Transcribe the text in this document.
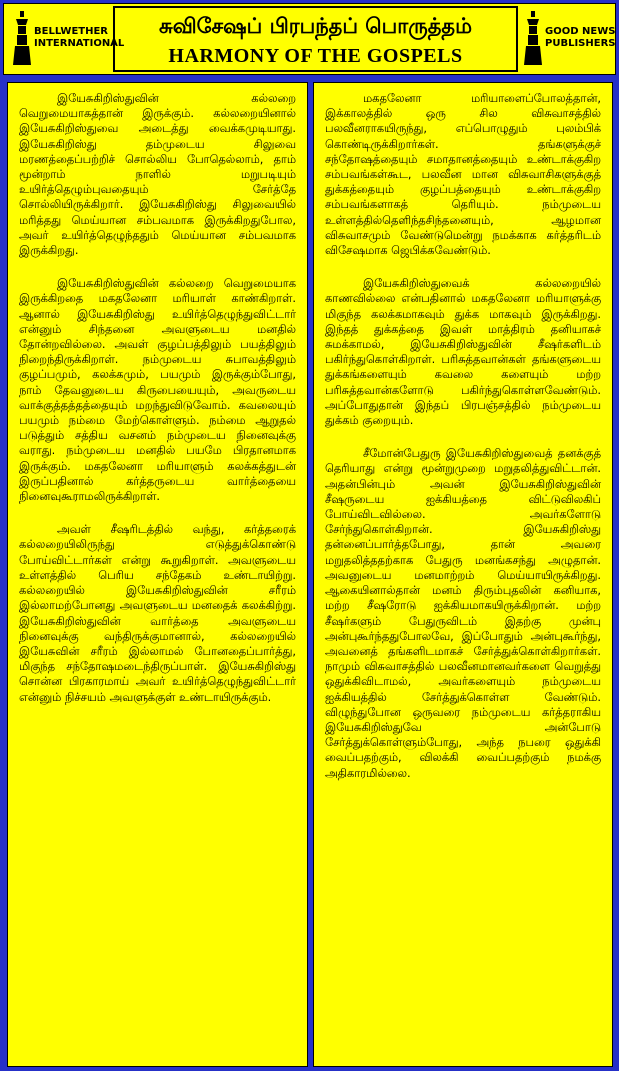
BELLWETHER INTERNATIONAL
சுவிசேஷப் பிரபந்தப் பொருத்தம்
HARMONY OF THE GOSPELS
GOOD NEWS PUBLISHERS

இயேசுகிறிஸ்துவின் கல்லறை வெறுமையாகத்தான் இருக்கும். கல்லறையினால் இயேசுகிறிஸ்துவை அடைத்து வைக்கமுடியாது. இயேசுகிறிஸ்து தம்முடைய சிலுவை மரணத்தைப்பற்றிச் சொல்லிய போதெல்லாம், தாம் மூன்றாம் நாளில் மறுபடியும் உயிர்த்தெழும்புவதையும் சேர்த்தே சொல்லியிருக்கிறார். இயேசுகிறிஸ்து சிலுவையில் மரித்தது மெய்யான சம்பவமாக இருக்கிறதுபோல, அவர் உயிர்த்தெழுந்ததும் மெய்யான சம்பவமாக இருக்கிறது.

இயேசுகிறிஸ்துவின் கல்லறை வெறுமையாக இருக்கிறதை மகதலேனா மரியாள் காண்கிறாள். ஆனால் இயேசுகிறிஸ்து உயிர்த்தெழுந்துவிட்டார் என்னும் சிந்தனை அவளுடைய மனதில் தோன்றவில்லை. அவள் குழப்பத்திலும் பயத்திலும் நிறைந்திருக்கிறாள். நம்முடைய சுபாவத்திலும் குழப்பமும், கலக்கமும், பயமும் இருக்கும்போது, நாம் தேவனுடைய கிருபையையும், அவருடைய வாக்குத்தத்தத்தையும் மறந்துவிடுவோம். கவலையும் பயமும் நம்மை மேற்கொள்ளும். நம்மை ஆறுதல் படுத்தும் சத்திய வசனம் நம்முடைய நினைவுக்கு வராது. நம்முடைய மனதில் பயமே பிரதானமாக இருக்கும். மகதலேனா மரியாளும் கலக்கத்துடன் இருப்பதினால் கர்த்தருடைய வார்த்தையை நினைவுகூராமலிருக்கிறாள்.

அவள் சீஷரிடத்தில் வந்து, கர்த்தரைக் கல்லறையிலிருந்து எடுத்துக்கொண்டு போய்விட்டார்கள் என்று கூறுகிறாள். அவளுடைய உள்ளத்தில் பெரிய சந்தேகம் உண்டாயிற்று. கல்லறையில் இயேசுகிறிஸ்துவின் சரீரம் இல்லாமற்போனது அவளுடைய மனதைக் கலக்கிற்று. இயேசுகிறிஸ்துவின் வார்த்தை அவளுடைய நினைவுக்கு வந்திருக்குமானால், கல்லறையில் இயேசுவின் சரீரம் இல்லாமல் போனதைப்பார்த்து, மிகுந்த சந்தோஷமடைந்திருப்பாள். இயேசுகிறிஸ்து சொன்ன பிரகாரமாய் அவர் உயிர்த்தெழுந்துவிட்டார் என்னும் நிச்சயம் அவளுக்குள் உண்டாயிருக்கும்.

மகதலேனா மரியாளைப்போலத்தான், இக்காலத்தில் ஒரு சில விசுவாசத்தில் பலவீனராகயிருந்து, எப்பொழுதும் புலம்பிக் கொண்டிருக்கிறார்கள். தங்களுக்குச் சந்தோஷத்தையும் சமாதானத்தையும் உண்டாக்குகிற சம்பவங்கள்கூட, பலவீன மான விசுவாசிகளுக்குத் துக்கத்தையும் குழப்பத்தையும் உண்டாக்குகிற சம்பவங்களாகத் தெரியும். நம்முடைய உள்ளத்தில்தெளிந்தசிந்தனையும், ஆழமான விசுவாசமும் வேண்டுமென்று நமக்காக கர்த்தரிடம் விசேஷமாக ஜெபிக்கவேண்டும்.

இயேசுகிறிஸ்துவைக் கல்லறையில் காணவில்லை என்பதினால் மகதலேனா மரியாளுக்கு மிகுந்த கலக்கமாகவும் துக்க மாகவும் இருக்கிறது. இந்தத் துக்கத்தை இவள் மாத்திரம் தனியாகச் சுமக்காமல், இயேசுகிறிஸ்துவின் சீஷர்களிடம் பகிர்ந்துகொள்கிறாள். பரிசுத்தவான்கள் தங்களுடைய துக்கங்களையும் கவலை களையும் மற்ற பரிசுத்தவான்களோடு பகிர்ந்துகொள்ளவேண்டும். அப்போதுதான் இந்தப் பிரபஞ்சத்தில் நம்முடைய துக்கம் குறையும்.

சீமோன்பேதுரு இயேசுகிறிஸ்துவைத் தனக்குத் தெரியாது என்று மூன்றுமுறை மறுதலித்துவிட்டான். அதன்பின்பும் அவன் இயேசுகிறிஸ்துவின் சீஷருடைய ஐக்கியத்தை விட்டுவிலகிப் போய்விடவில்லை. அவர்களோடு சேர்ந்துகொள்கிறான். இயேசுகிறிஸ்து தன்னைப்பார்த்தபோது, தான் அவரை மறுதலித்ததற்காக பேதுரு மனங்கசந்து அழுதான். அவனுடைய மனமாற்றம் மெய்யாயிருக்கிறது. ஆகையினால்தான் மனம் திரும்புதலின் கனியாக, மற்ற சீஷரோடு ஐக்கியமாகயிருக்கிறான். மற்ற சீஷர்களும் பேதுருவிடம் இதற்கு முன்பு அன்புகூர்ந்ததுபோலவே, இப்போதும் அன்புகூர்ந்து, அவனைத் தங்களிடமாகச் சேர்த்துக்கொள்கிறார்கள். நாமும் விசுவாசத்தில் பலவீனமானவர்களை வெறுத்து ஒதுக்கிவிடாமல், அவர்களையும் நம்முடைய ஐக்கியத்தில் சேர்த்துக்கொள்ள வேண்டும். விழுந்துபோன ஒருவரை நம்முடைய கர்த்தராகிய இயேசுகிறிஸ்துவே அன்போடு சேர்த்துக்கொள்ளும்போது, அந்த நபரை ஒதுக்கி வைப்பதற்கும், விலக்கி வைப்பதற்கும் நமக்கு அதிகாரமில்லை.
